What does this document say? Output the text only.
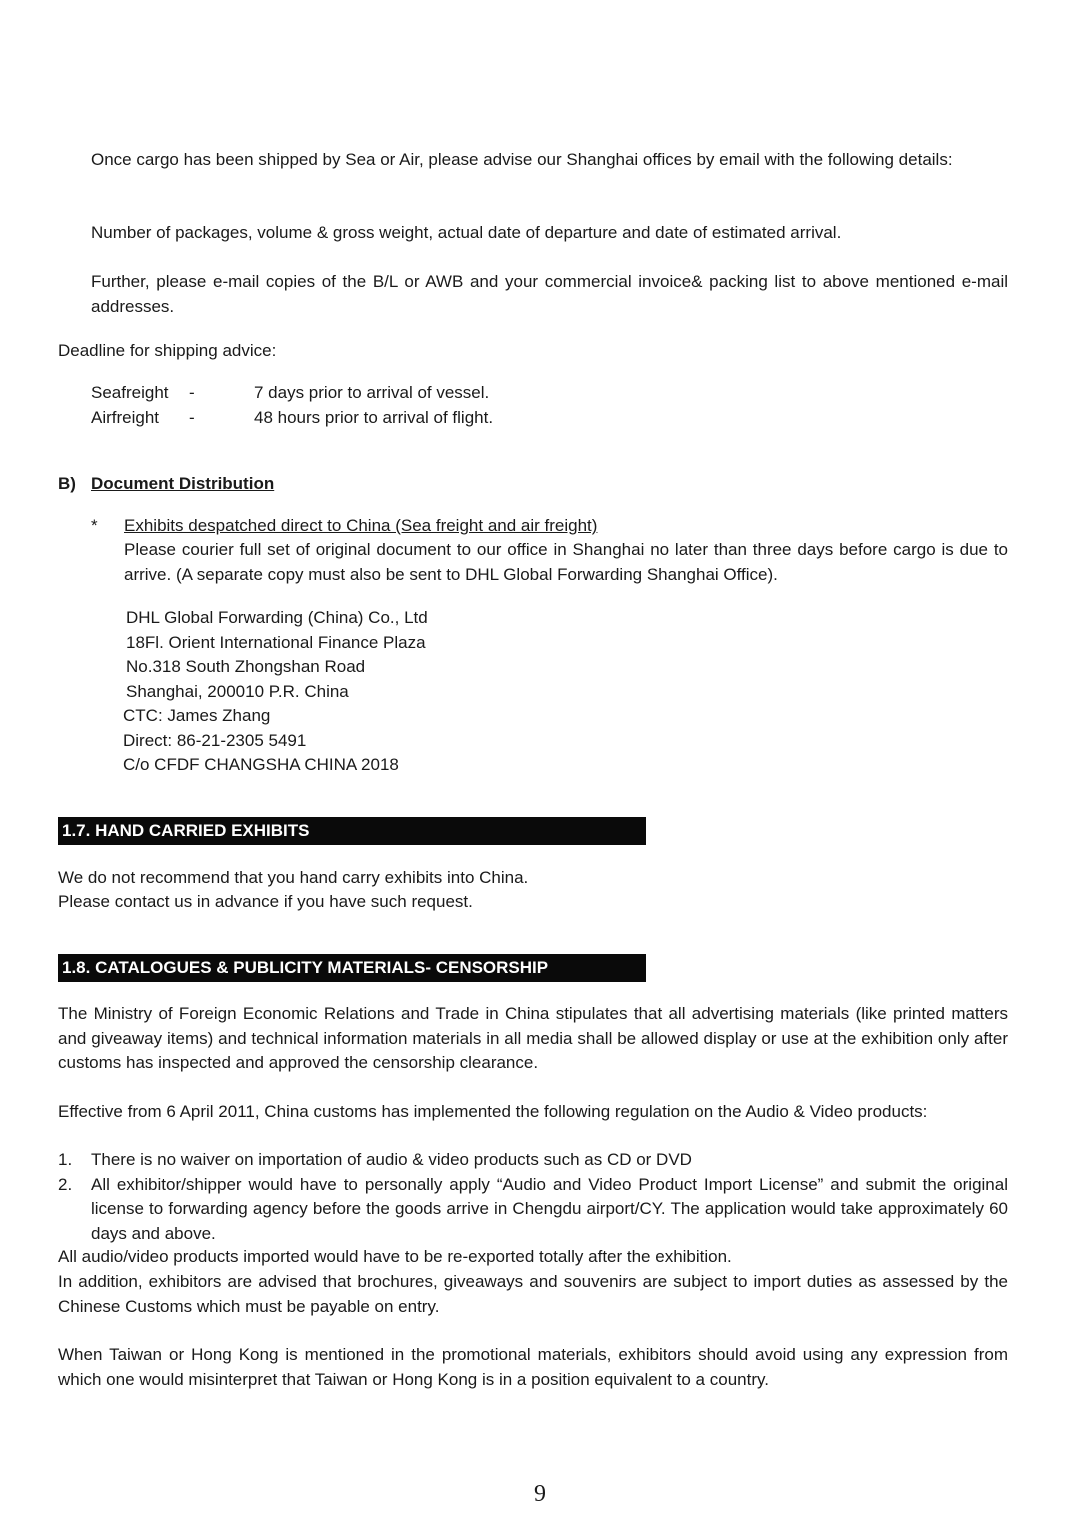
Once cargo has been shipped by Sea or Air, please advise our Shanghai offices by email with the following details:

Number of packages, volume & gross weight, actual date of departure and date of estimated arrival.

Further, please e-mail copies of the B/L or AWB and your commercial invoice& packing list to above mentioned e-mail addresses.

Deadline for shipping advice:

Seafreight -	7 days prior to arrival of vessel.
Airfreight -	48 hours prior to arrival of flight.
B) Document Distribution
* Exhibits despatched direct to China (Sea freight and air freight)

Please courier full set of original document to our office in Shanghai no later than three days before cargo is due to arrive. (A separate copy must also be sent to DHL Global Forwarding Shanghai Office).

DHL Global Forwarding (China) Co., Ltd
18Fl. Orient International Finance Plaza
No.318 South Zhongshan Road
Shanghai, 200010 P.R. China
CTC: James Zhang
Direct: 86-21-2305 5491
C/o CFDF CHANGSHA CHINA 2018
1.7. HAND CARRIED EXHIBITS

We do not recommend that you hand carry exhibits into China.

Please contact us in advance if you have such request.

1.8. CATALOGUES & PUBLICITY MATERIALS- CENSORSHIP

The Ministry of Foreign Economic Relations and Trade in China stipulates that all advertising materials (like printed matters and giveaway items) and technical information materials in all media shall be allowed display or use at the exhibition only after customs has inspected and approved the censorship clearance.

Effective from 6 April 2011, China customs has implemented the following regulation on the Audio & Video products:

1. There is no waiver on importation of audio & video products such as CD or DVD
2. All exhibitor/shipper would have to personally apply “Audio and Video Product Import License” and submit the original license to forwarding agency before the goods arrive in Chengdu airport/CY. The application would take approximately 60 days and above.

All audio/video products imported would have to be re-exported totally after the exhibition.

In addition, exhibitors are advised that brochures, giveaways and souvenirs are subject to import duties as assessed by the Chinese Customs which must be payable on entry.

When Taiwan or Hong Kong is mentioned in the promotional materials, exhibitors should avoid using any expression from which one would misinterpret that Taiwan or Hong Kong is in a position equivalent to a country.

9
